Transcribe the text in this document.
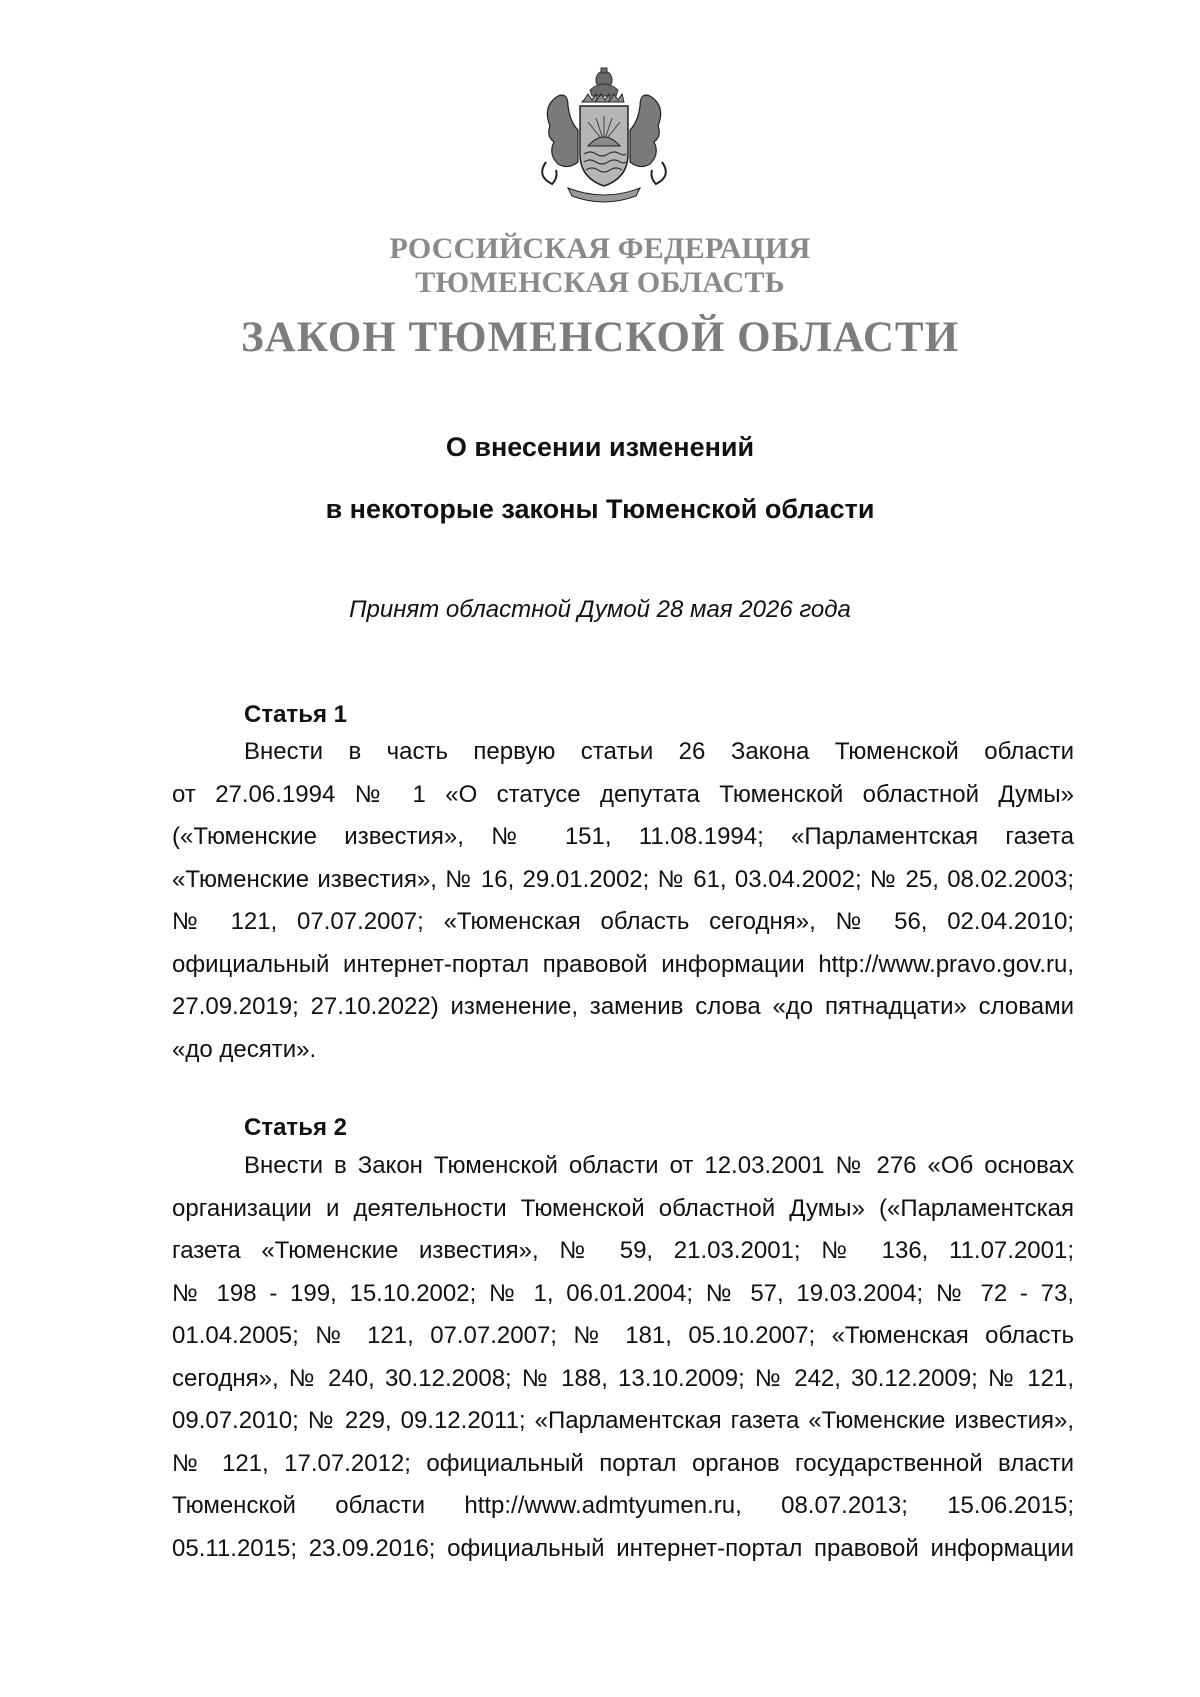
РОССИЙСКАЯ ФЕДЕРАЦИЯ
ТЮМЕНСКАЯ ОБЛАСТЬ
ЗАКОН ТЮМЕНСКОЙ ОБЛАСТИ
О внесении изменений
в некоторые законы Тюменской области
Принят областной Думой 28 мая 2026 года
Статья 1
Внести в часть первую статьи 26 Закона Тюменской области
от 27.06.1994 № 1 «О статусе депутата Тюменской областной Думы»
(«Тюменские известия», № 151, 11.08.1994; «Парламентская газета
«Тюменские известия», № 16, 29.01.2002; № 61, 03.04.2002; № 25, 08.02.2003;
№ 121, 07.07.2007; «Тюменская область сегодня», № 56, 02.04.2010;
официальный интернет-портал правовой информации http://www.pravo.gov.ru,
27.09.2019; 27.10.2022) изменение, заменив слова «до пятнадцати» словами
«до десяти».
Статья 2
Внести в Закон Тюменской области от 12.03.2001 № 276 «Об основах
организации и деятельности Тюменской областной Думы» («Парламентская
газета «Тюменские известия», № 59, 21.03.2001; № 136, 11.07.2001;
№ 198 - 199, 15.10.2002; № 1, 06.01.2004; № 57, 19.03.2004; № 72 - 73,
01.04.2005; № 121, 07.07.2007; № 181, 05.10.2007; «Тюменская область
сегодня», № 240, 30.12.2008; № 188, 13.10.2009; № 242, 30.12.2009; № 121,
09.07.2010; № 229, 09.12.2011; «Парламентская газета «Тюменские известия»,
№ 121, 17.07.2012; официальный портал органов государственной власти
Тюменской области http://www.admtyumen.ru, 08.07.2013; 15.06.2015;
05.11.2015; 23.09.2016; официальный интернет-портал правовой информации
